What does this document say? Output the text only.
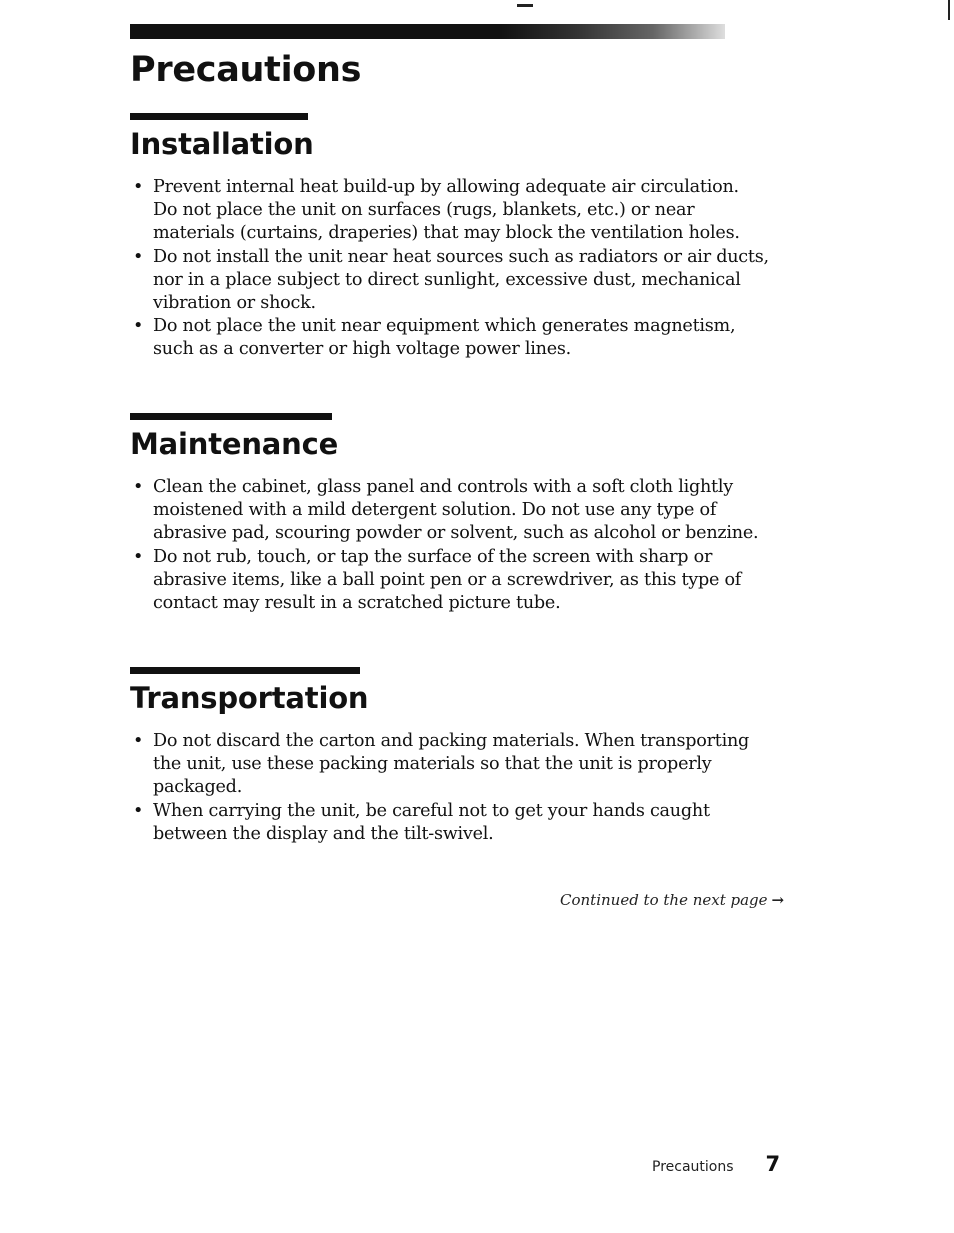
Precautions
Installation
• Prevent internal heat build-up by allowing adequate air circulation.
Do not place the unit on surfaces (rugs, blankets, etc.) or near
materials (curtains, draperies) that may block the ventilation holes.
• Do not install the unit near heat sources such as radiators or air ducts,
nor in a place subject to direct sunlight, excessive dust, mechanical
vibration or shock.
• Do not place the unit near equipment which generates magnetism,
such as a converter or high voltage power lines.
Maintenance
• Clean the cabinet, glass panel and controls with a soft cloth lightly
moistened with a mild detergent solution. Do not use any type of
abrasive pad, scouring powder or solvent, such as alcohol or benzine.
• Do not rub, touch, or tap the surface of the screen with sharp or
abrasive items, like a ball point pen or a screwdriver, as this type of
contact may result in a scratched picture tube.
Transportation
• Do not discard the carton and packing materials. When transporting
the unit, use these packing materials so that the unit is properly
packaged.
• When carrying the unit, be careful not to get your hands caught
between the display and the tilt-swivel.
Continued to the next page →
Precautions 7
